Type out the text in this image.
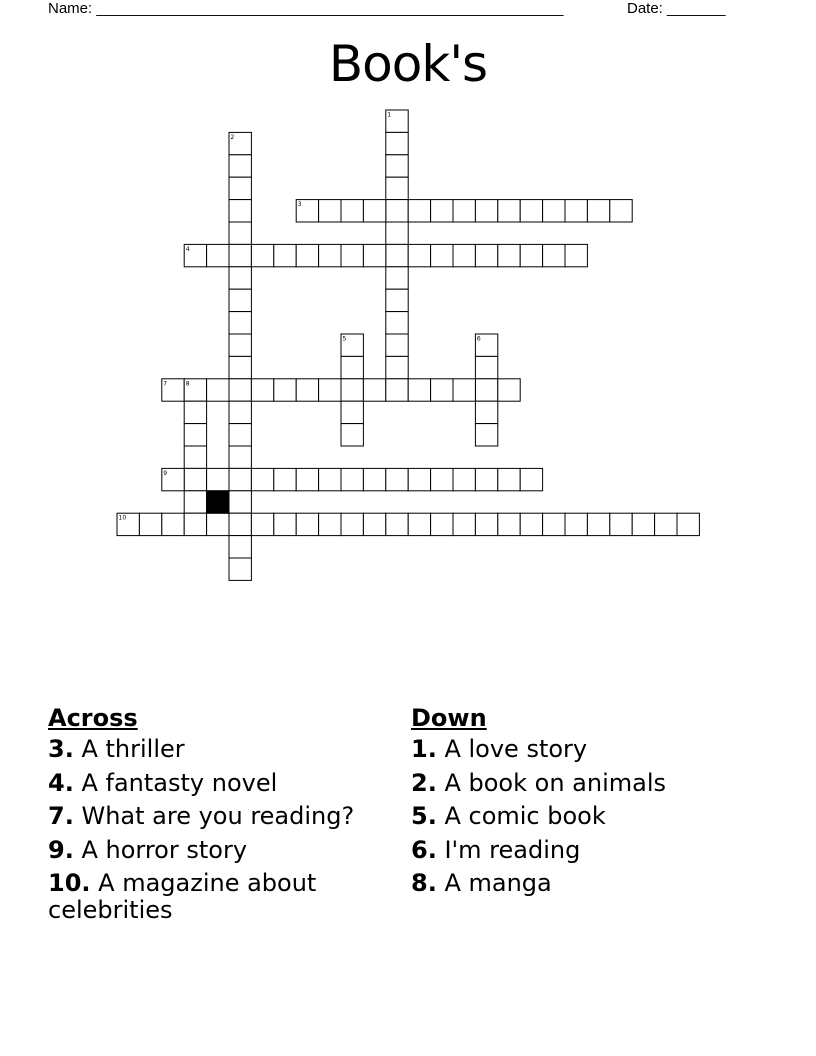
Name: ________________________________________________________	Date: _______
Book's
1
2
3
4
5	6
7	8
9
10
Across
3. A thriller
4. A fantasty novel
7. What are you reading?
9. A horror story
10. A magazine about celebrities
Down
1. A love story
2. A book on animals
5. A comic book
6. I'm reading
8. A manga
